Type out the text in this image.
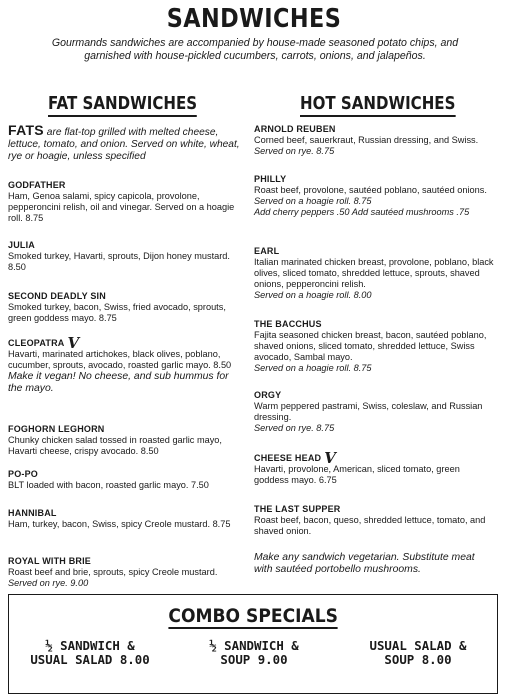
SANDWICHES
Gourmands sandwiches are accompanied by house-made seasoned potato chips, and garnished with house-pickled cucumbers, carrots, onions, and jalapeños.
FAT SANDWICHES	HOT SANDWICHES
FATS are flat-top grilled with melted cheese, lettuce, tomato, and onion. Served on white, wheat, rye or hoagie, unless specified
GODFATHER
Ham, Genoa salami, spicy capicola, provolone, pepperoncini relish, oil and vinegar. Served on a hoagie roll. 8.75
JULIA
Smoked turkey, Havarti, sprouts, Dijon honey mustard. 8.50
SECOND DEADLY SIN
Smoked turkey, bacon, Swiss, fried avocado, sprouts, green goddess mayo. 8.75
CLEOPATRA V
Havarti, marinated artichokes, black olives, poblano, cucumber, sprouts, avocado, roasted garlic mayo. 8.50
Make it vegan! No cheese, and sub hummus for the mayo.
FOGHORN LEGHORN
Chunky chicken salad tossed in roasted garlic mayo, Havarti cheese, crispy avocado. 8.50
PO-PO
BLT loaded with bacon, roasted garlic mayo. 7.50
HANNIBAL
Ham, turkey, bacon, Swiss, spicy Creole mustard. 8.75
ROYAL WITH BRIE
Roast beef and brie, sprouts, spicy Creole mustard.
Served on rye. 9.00
ARNOLD REUBEN
Corned beef, sauerkraut, Russian dressing, and Swiss.
Served on rye. 8.75
PHILLY
Roast beef, provolone, sautéed poblano, sautéed onions.
Served on a hoagie roll. 8.75
Add cherry peppers .50 Add sautéed mushrooms .75
EARL
Italian marinated chicken breast, provolone, poblano, black olives, sliced tomato, shredded lettuce, sprouts, shaved onions, pepperoncini relish.
Served on a hoagie roll. 8.00
THE BACCHUS
Fajita seasoned chicken breast, bacon, sautéed poblano, shaved onions, sliced tomato, shredded lettuce, Swiss avocado, Sambal mayo.
Served on a hoagie roll. 8.75
ORGY
Warm peppered pastrami, Swiss, coleslaw, and Russian dressing.
Served on rye. 8.75
CHEESE HEAD V
Havarti, provolone, American, sliced tomato, green goddess mayo. 6.75
THE LAST SUPPER
Roast beef, bacon, queso, shredded lettuce, tomato, and shaved onion.
Make any sandwich vegetarian. Substitute meat with sautéed portobello mushrooms.
COMBO SPECIALS
½ SANDWICH &
USUAL SALAD 8.00
½ SANDWICH &
SOUP 9.00
USUAL SALAD &
SOUP 8.00
